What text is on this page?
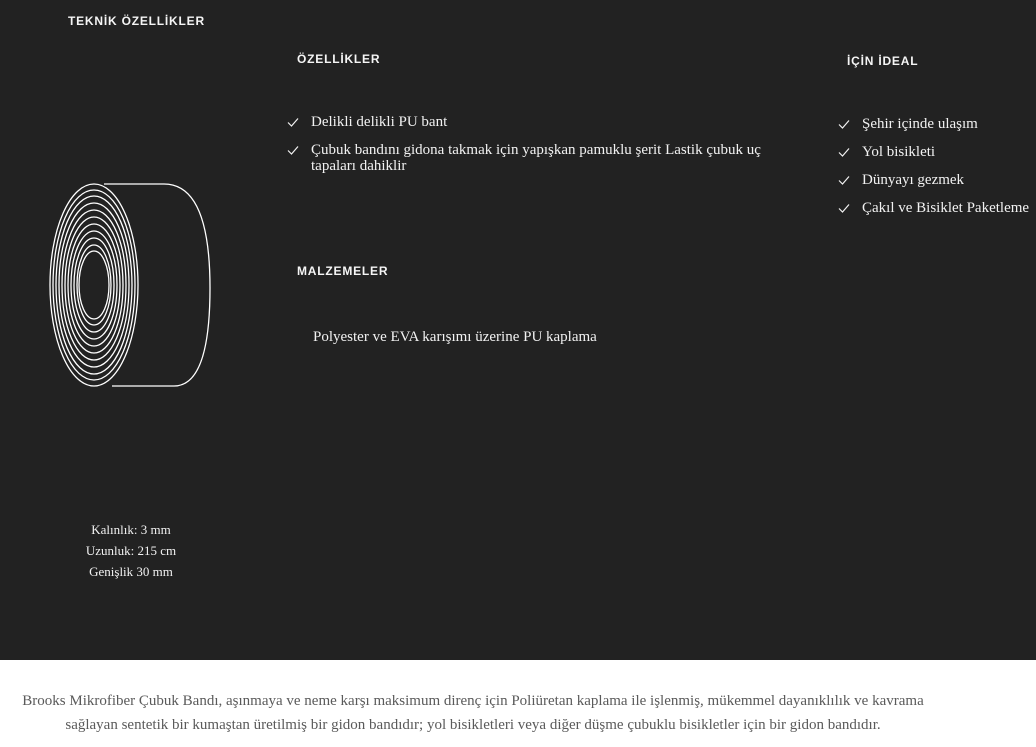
TEKNİK ÖZELLİKLER
Kalınlık: 3 mm
Uzunluk: 215 cm
Genişlik 30 mm
ÖZELLİKLER
Delikli delikli PU bant
Çubuk bandını gidona takmak için yapışkan pamuklu şerit Lastik çubuk uç tapaları dahiklir
İÇİN İDEAL
Şehir içinde ulaşım
Yol bisikleti
Dünyayı gezmek
Çakıl ve Bisiklet Paketleme
MALZEMELER

Polyester ve EVA karışımı üzerine PU kaplama

Brooks Mikrofiber Çubuk Bandı, aşınmaya ve neme karşı maksimum direnç için Poliüretan kaplama ile işlenmiş, mükemmel dayanıklılık ve kavrama sağlayan sentetik bir kumaştan üretilmiş bir gidon bandıdır; yol bisikletleri veya diğer düşme çubuklu bisikletler için bir gidon bandıdır.
